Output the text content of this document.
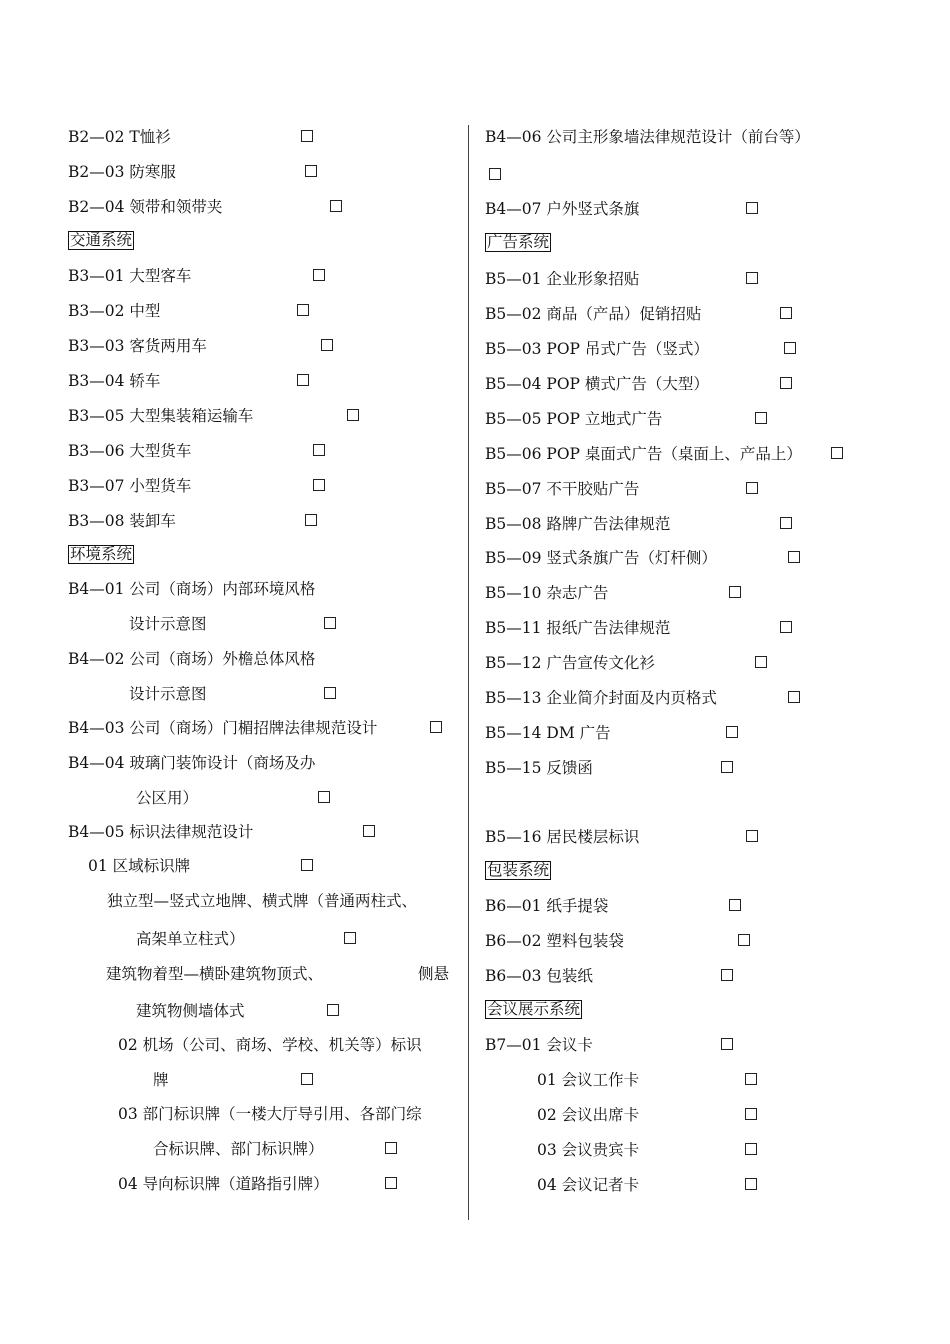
B2—02 T恤衫
B2—03 防寒服
B2—04 领带和领带夹
交通系统
B3—01 大型客车
B3—02 中型
B3—03 客货两用车
B3—04 轿车
B3—05 大型集装箱运输车
B3—06 大型货车
B3—07 小型货车
B3—08 装卸车
环境系统
B4—01 公司（商场）内部环境风格
设计示意图
B4—02 公司（商场）外檐总体风格
设计示意图
B4—03 公司（商场）门楣招牌法律规范设计
B4—04 玻璃门装饰设计（商场及办
公区用）
B4—05 标识法律规范设计
01 区域标识牌
独立型—竖式立地牌、横式牌（普通两柱式、
高架单立柱式）
建筑物着型—横卧建筑物顶式、	侧悬
建筑物侧墙体式
02 机场（公司、商场、学校、机关等）标识
牌
03 部门标识牌（一楼大厅导引用、各部门综
合标识牌、部门标识牌）
04 导向标识牌（道路指引牌）
B4—06 公司主形象墙法律规范设计（前台等）
B4—07 户外竖式条旗
广告系统
B5—01 企业形象招贴
B5—02 商品（产品）促销招贴
B5—03 POP 吊式广告（竖式）
B5—04 POP 横式广告（大型）
B5—05 POP 立地式广告
B5—06 POP 桌面式广告（桌面上、产品上）
B5—07 不干胶贴广告
B5—08 路牌广告法律规范
B5—09 竖式条旗广告（灯杆侧）
B5—10 杂志广告
B5—11 报纸广告法律规范
B5—12 广告宣传文化衫
B5—13 企业简介封面及内页格式
B5—14 DM 广告
B5—15 反馈函
B5—16 居民楼层标识
包装系统
B6—01 纸手提袋
B6—02 塑料包装袋
B6—03 包装纸
会议展示系统
B7—01 会议卡
01 会议工作卡
02 会议出席卡
03 会议贵宾卡
04 会议记者卡
